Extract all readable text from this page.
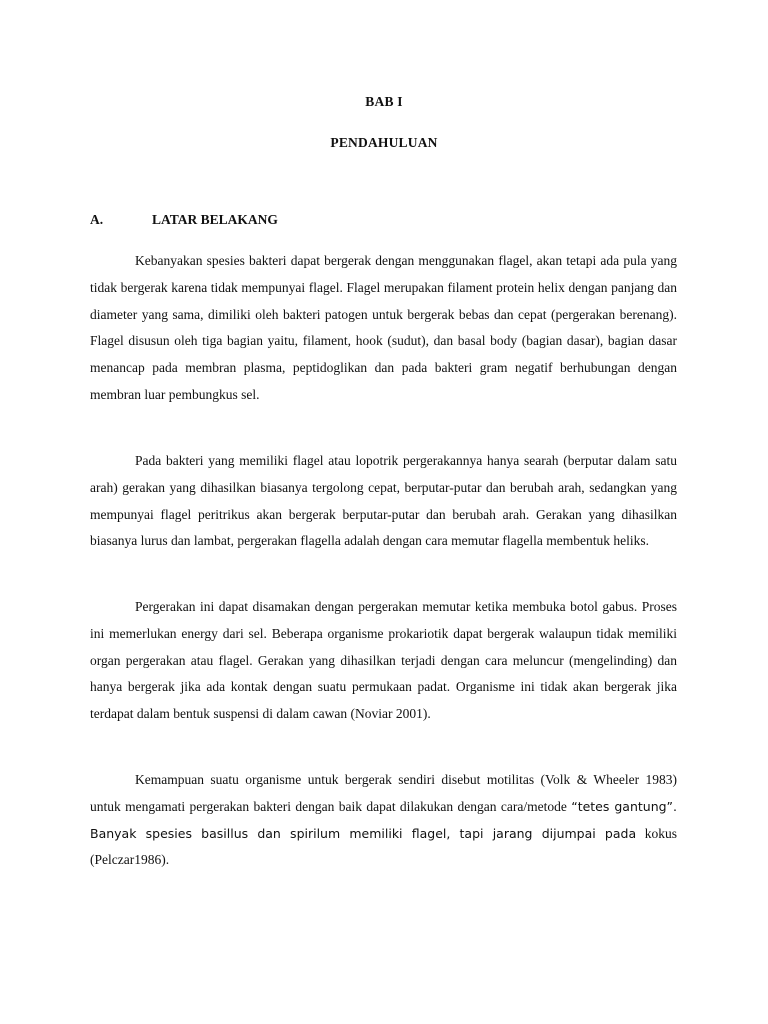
BAB I
PENDAHULUAN
A.	LATAR BELAKANG

Kebanyakan spesies bakteri dapat bergerak dengan menggunakan flagel, akan tetapi ada pula yang tidak bergerak karena tidak mempunyai flagel. Flagel merupakan filament protein helix dengan panjang dan diameter yang sama, dimiliki oleh bakteri patogen untuk bergerak bebas dan cepat (pergerakan berenang). Flagel disusun oleh tiga bagian yaitu, filament, hook (sudut), dan basal body (bagian dasar), bagian dasar menancap pada membran plasma, peptidoglikan dan pada bakteri gram negatif berhubungan dengan membran luar pembungkus sel.

Pada bakteri yang memiliki flagel atau lopotrik pergerakannya hanya searah (berputar dalam satu arah) gerakan yang dihasilkan biasanya tergolong cepat, berputar-putar dan berubah arah, sedangkan yang mempunyai flagel peritrikus akan bergerak berputar-putar dan berubah arah. Gerakan yang dihasilkan biasanya lurus dan lambat, pergerakan flagella adalah dengan cara memutar flagella membentuk heliks.

Pergerakan ini dapat disamakan dengan pergerakan memutar ketika membuka botol gabus. Proses ini memerlukan energy dari sel. Beberapa organisme prokariotik dapat bergerak walaupun tidak memiliki organ pergerakan atau flagel. Gerakan yang dihasilkan terjadi dengan cara meluncur (mengelinding) dan hanya bergerak jika ada kontak dengan suatu permukaan padat. Organisme ini tidak akan bergerak jika terdapat dalam bentuk suspensi di dalam cawan (Noviar 2001).

Kemampuan suatu organisme untuk bergerak sendiri disebut motilitas (Volk & Wheeler 1983) untuk mengamati pergerakan bakteri dengan baik dapat dilakukan dengan cara/metode “tetes gantung”. Banyak spesies basillus dan spirilum memiliki flagel, tapi jarang dijumpai pada kokus (Pelczar1986).
